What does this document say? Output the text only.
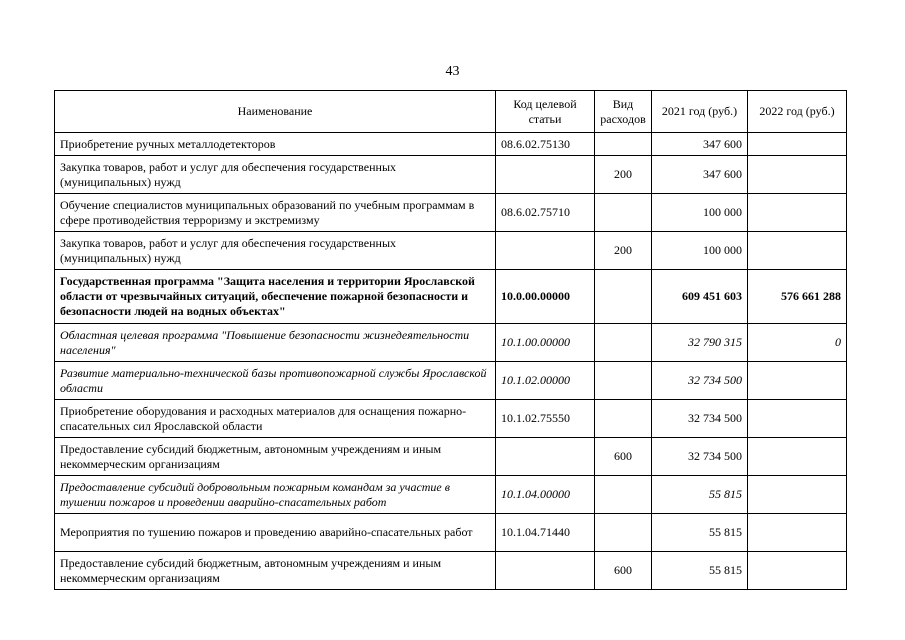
43
Наименование	Код целевой статьи	Вид расходов	2021 год (руб.)	2022 год (руб.)
Приобретение ручных металлодетекторов	08.6.02.75130		347 600	
Закупка товаров, работ и услуг для обеспечения государственных (муниципальных) нужд		200	347 600	
Обучение специалистов муниципальных образований по учебным программам в сфере противодействия терроризму и экстремизму	08.6.02.75710		100 000	
Закупка товаров, работ и услуг для обеспечения государственных (муниципальных) нужд		200	100 000	
Государственная программа "Защита населения и территории Ярославской области от чрезвычайных ситуаций, обеспечение пожарной безопасности и безопасности людей на водных объектах"	10.0.00.00000		609 451 603	576 661 288
Областная целевая программа "Повышение безопасности жизнедеятельности населения"	10.1.00.00000		32 790 315	0
Развитие материально-технической базы противопожарной службы Ярославской области	10.1.02.00000		32 734 500	
Приобретение оборудования и расходных материалов для оснащения пожарно-спасательных сил Ярославской области	10.1.02.75550		32 734 500	
Предоставление субсидий бюджетным, автономным учреждениям и иным некоммерческим организациям		600	32 734 500	
Предоставление субсидий добровольным пожарным командам за участие в тушении пожаров и проведении аварийно-спасательных работ	10.1.04.00000		55 815	
Мероприятия по тушению пожаров и проведению аварийно-спасательных работ	10.1.04.71440		55 815	
Предоставление субсидий бюджетным, автономным учреждениям и иным некоммерческим организациям		600	55 815	
